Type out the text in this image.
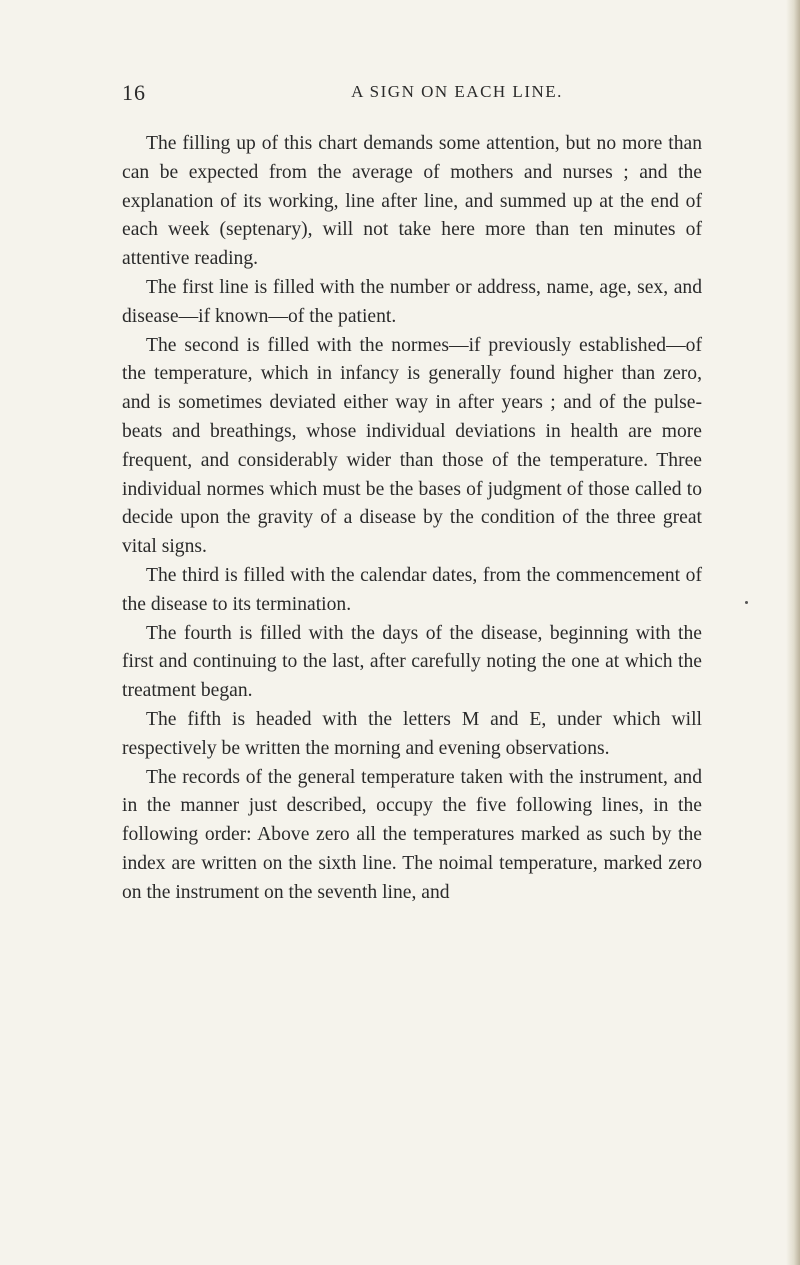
16	A SIGN ON EACH LINE.

The filling up of this chart demands some attention, but no more than can be expected from the average of mothers and nurses ; and the explanation of its working, line after line, and summed up at the end of each week (septenary), will not take here more than ten minutes of attentive reading.

The first line is filled with the number or address, name, age, sex, and disease—if known—of the patient.

The second is filled with the normes—if previously established—of the temperature, which in infancy is generally found higher than zero, and is sometimes deviated either way in after years ; and of the pulse-beats and breathings, whose individual deviations in health are more frequent, and considerably wider than those of the temperature. Three individual normes which must be the bases of judgment of those called to decide upon the gravity of a disease by the condition of the three great vital signs.

The third is filled with the calendar dates, from the commencement of the disease to its termination.

The fourth is filled with the days of the disease, beginning with the first and continuing to the last, after carefully noting the one at which the treatment began.

The fifth is headed with the letters M and E, under which will respectively be written the morning and evening observations.

The records of the general temperature taken with the instrument, and in the manner just described, occupy the five following lines, in the following order: Above zero all the temperatures marked as such by the index are written on the sixth line. The noimal temperature, marked zero on the instrument on the seventh line, and
